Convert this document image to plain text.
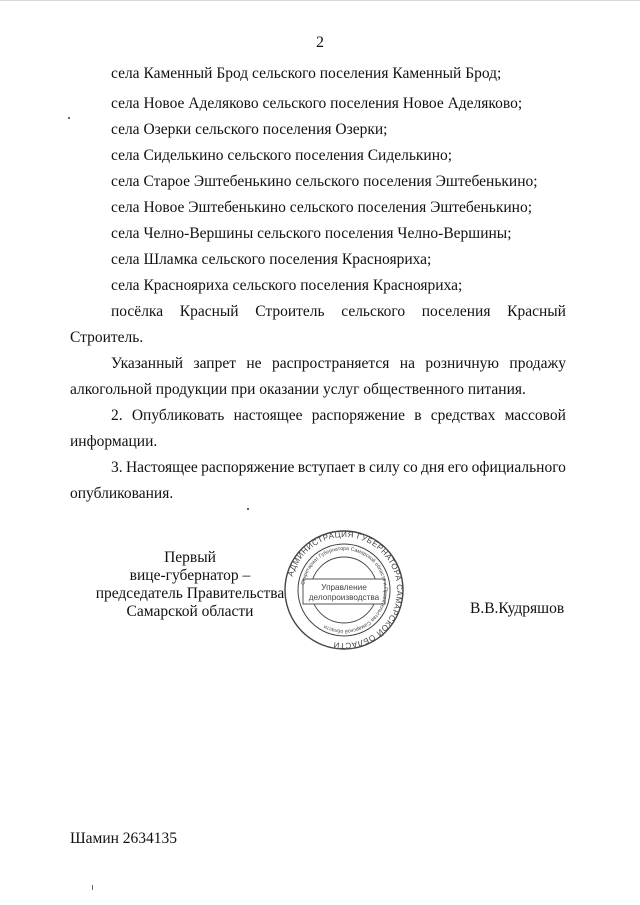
2
села Каменный Брод сельского поселения Каменный Брод;
села Новое Аделяково сельского поселения Новое Аделяково;
села Озерки сельского поселения Озерки;
села Сиделькино сельского поселения Сиделькино;
села Старое Эштебенькино сельского поселения Эштебенькино;
села Новое Эштебенькино сельского поселения Эштебенькино;
села Челно-Вершины сельского поселения Челно-Вершины;
села Шламка сельского поселения Краснояриха;
села Краснояриха сельского поселения Краснояриха;
посёлка Красный Строитель сельского поселения Красный
Строитель.
Указанный запрет не распространяется на розничную продажу
алкогольной продукции при оказании услуг общественного питания.
2. Опубликовать настоящее распоряжение в средствах массовой
информации.
3. Настоящее распоряжение вступает в силу со дня его официального
опубликования.
Первый
вице-губернатор –
председатель Правительства
Самарской области
АДМИНИСТРАЦИЯ ГУБЕРНАТОРА САМАРСКОЙ ОБЛАСТИ
Секретариат Губернатора Самарской области и Правительства Самарской области
Управление
делопроизводства
В.В.Кудряшов
Шамин 2634135
